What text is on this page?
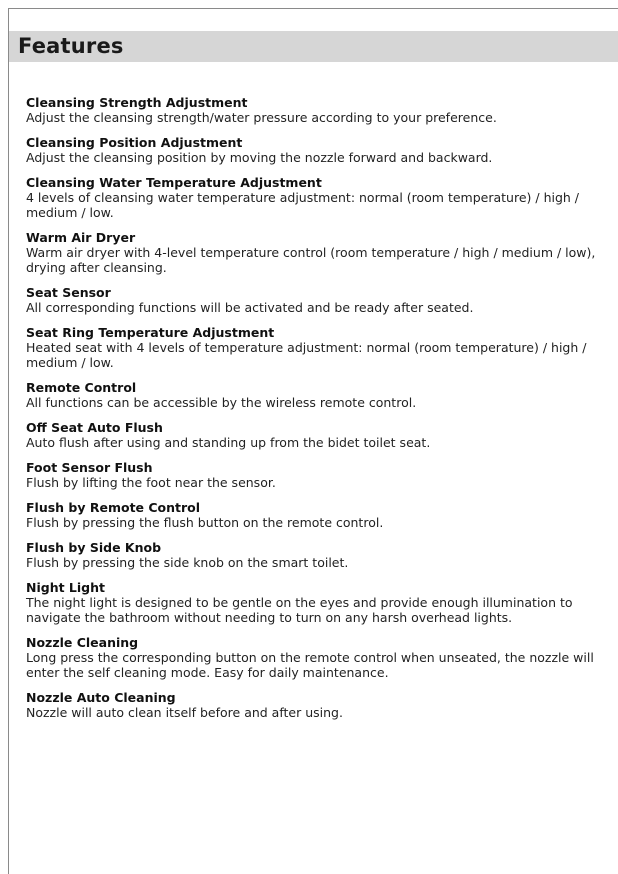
Features
Cleansing Strength Adjustment
Adjust the cleansing strength/water pressure according to your preference.
Cleansing Position Adjustment
Adjust the cleansing position by moving the nozzle forward and backward.
Cleansing Water Temperature Adjustment
4 levels of cleansing water temperature adjustment: normal (room temperature) / high / medium / low.
Warm Air Dryer
Warm air dryer with 4-level temperature control (room temperature / high / medium / low), drying after cleansing.
Seat Sensor
All corresponding functions will be activated and be ready after seated.
Seat Ring Temperature Adjustment
Heated seat with 4 levels of temperature adjustment: normal (room temperature) / high / medium / low.
Remote Control
All functions can be accessible by the wireless remote control.
Off Seat Auto Flush
Auto flush after using and standing up from the bidet toilet seat.
Foot Sensor Flush
Flush by lifting the foot near the sensor.
Flush by Remote Control
Flush by pressing the flush button on the remote control.
Flush by Side Knob
Flush by pressing the side knob on the smart toilet.
Night Light
The night light is designed to be gentle on the eyes and provide enough illumination to navigate the bathroom without needing to turn on any harsh overhead lights.
Nozzle Cleaning
Long press the corresponding button on the remote control when unseated, the nozzle will enter the self cleaning mode. Easy for daily maintenance.
Nozzle Auto Cleaning
Nozzle will auto clean itself before and after using.
